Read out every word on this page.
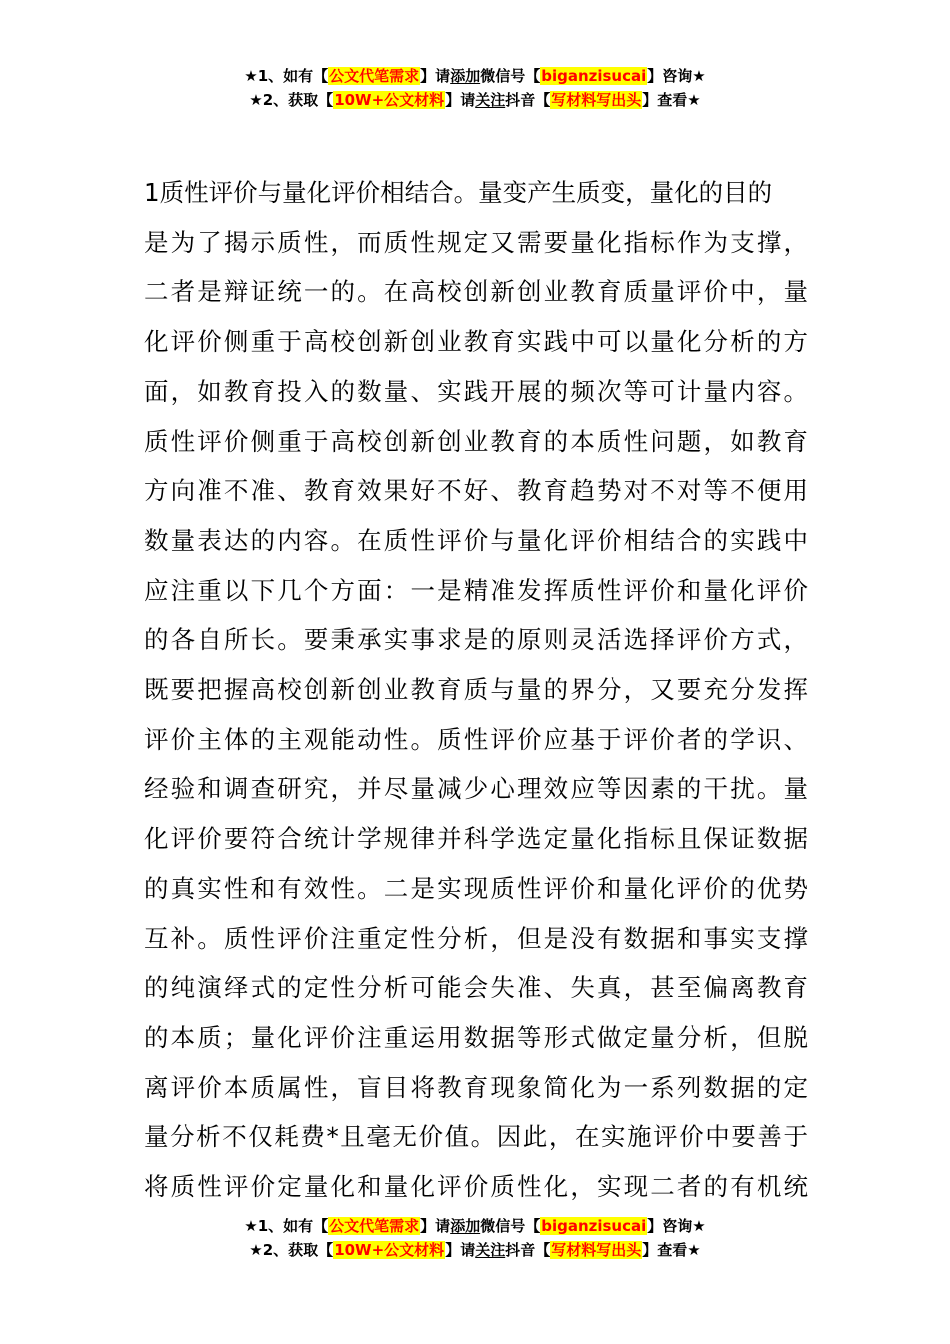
★1、如有【公文代笔需求】请添加微信号【biganzisucai】咨询★
★2、获取【10W+公文材料】请关注抖音【写材料写出头】查看★
1质性评价与量化评价相结合。量变产生质变，量化的目的
是为了揭示质性，而质性规定又需要量化指标作为支撑，
二者是辩证统一的。在高校创新创业教育质量评价中，量
化评价侧重于高校创新创业教育实践中可以量化分析的方
面，如教育投入的数量、实践开展的频次等可计量内容。
质性评价侧重于高校创新创业教育的本质性问题，如教育
方向准不准、教育效果好不好、教育趋势对不对等不便用
数量表达的内容。在质性评价与量化评价相结合的实践中
应注重以下几个方面：一是精准发挥质性评价和量化评价
的各自所长。要秉承实事求是的原则灵活选择评价方式，
既要把握高校创新创业教育质与量的界分，又要充分发挥
评价主体的主观能动性。质性评价应基于评价者的学识、
经验和调查研究，并尽量减少心理效应等因素的干扰。量
化评价要符合统计学规律并科学选定量化指标且保证数据
的真实性和有效性。二是实现质性评价和量化评价的优势
互补。质性评价注重定性分析，但是没有数据和事实支撑
的纯演绎式的定性分析可能会失准、失真，甚至偏离教育
的本质；量化评价注重运用数据等形式做定量分析，但脱
离评价本质属性，盲目将教育现象简化为一系列数据的定
量分析不仅耗费*且毫无价值。因此，在实施评价中要善于
将质性评价定量化和量化评价质性化，实现二者的有机统
★1、如有【公文代笔需求】请添加微信号【biganzisucai】咨询★
★2、获取【10W+公文材料】请关注抖音【写材料写出头】查看★
